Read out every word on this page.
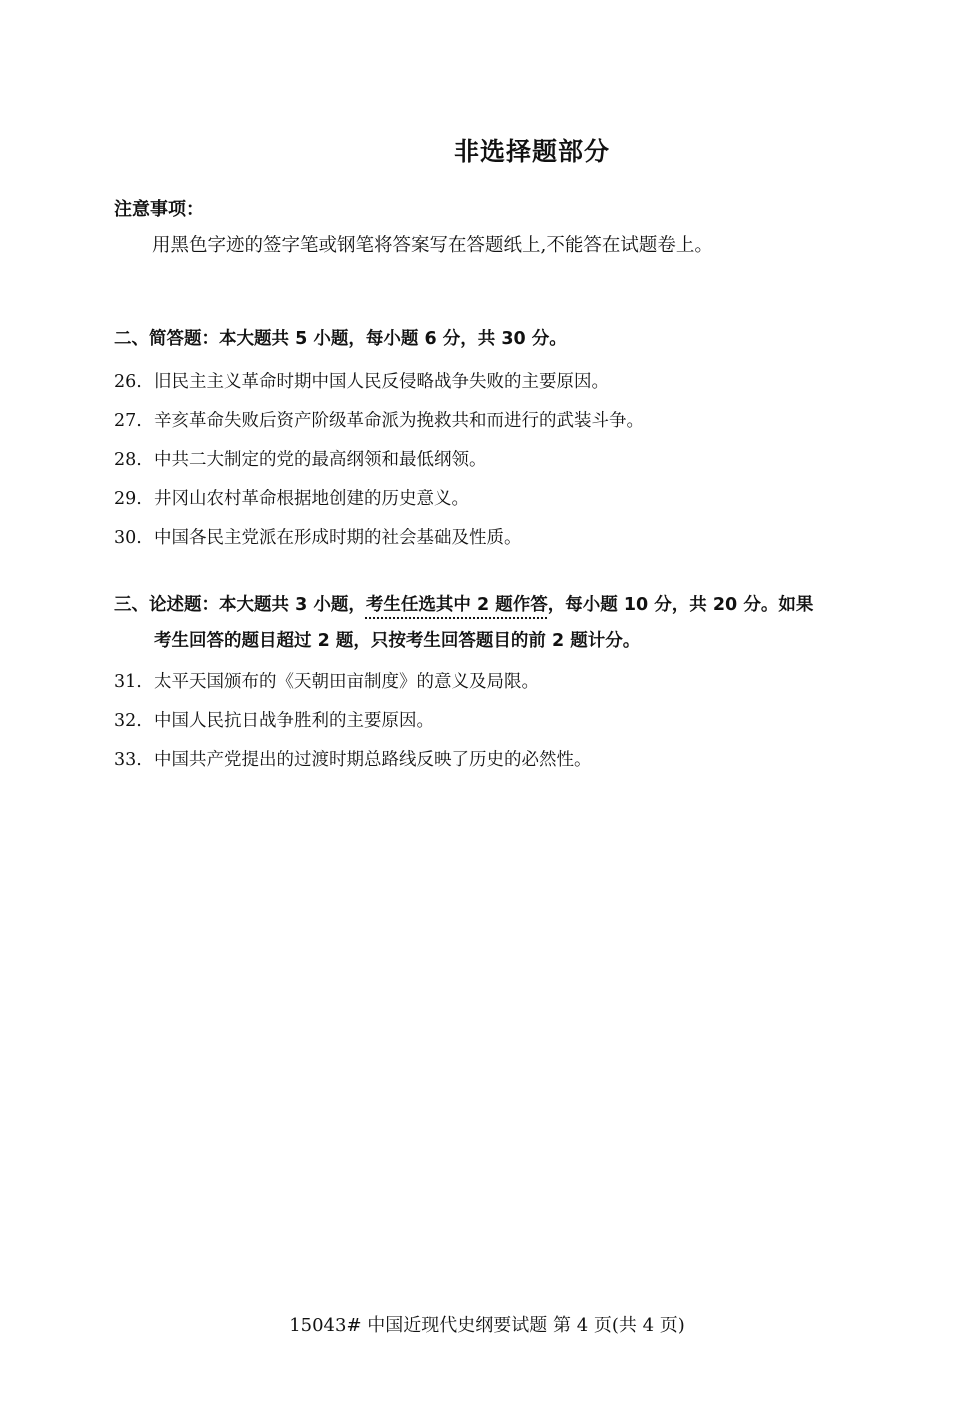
非选择题部分
注意事项：
用黑色字迹的签字笔或钢笔将答案写在答题纸上,不能答在试题卷上。
二、简答题：本大题共 5 小题，每小题 6 分，共 30 分。
26. 旧民主主义革命时期中国人民反侵略战争失败的主要原因。
27. 辛亥革命失败后资产阶级革命派为挽救共和而进行的武装斗争。
28. 中共二大制定的党的最高纲领和最低纲领。
29. 井冈山农村革命根据地创建的历史意义。
30. 中国各民主党派在形成时期的社会基础及性质。
三、论述题：本大题共 3 小题，考生任选其中 2 题作答，每小题 10 分，共 20 分。如果
考生回答的题目超过 2 题，只按考生回答题目的前 2 题计分。
31. 太平天国颁布的《天朝田亩制度》的意义及局限。
32. 中国人民抗日战争胜利的主要原因。
33. 中国共产党提出的过渡时期总路线反映了历史的必然性。
15043# 中国近现代史纲要试题 第 4 页(共 4 页)
